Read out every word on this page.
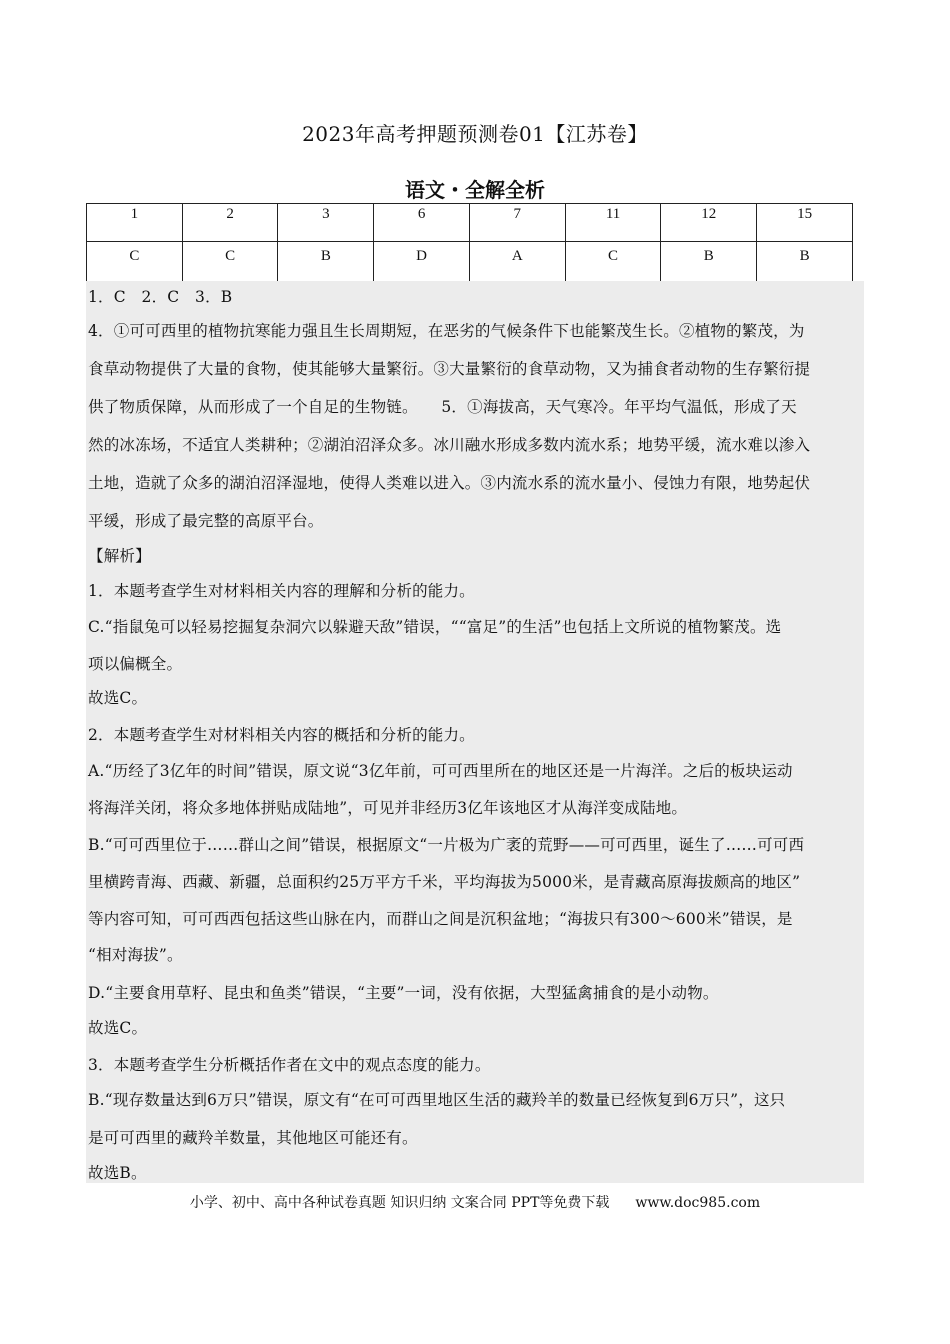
2023年高考押题预测卷01【江苏卷】
语文・全解全析
1	2	3	6	7	11	12	15
C	C	B	D	A	C	B	B
1．C　2．C　3．B
4．①可可西里的植物抗寒能力强且生长周期短，在恶劣的气候条件下也能繁茂生长。②植物的繁茂，为
食草动物提供了大量的食物，使其能够大量繁衍。③大量繁衍的食草动物，又为捕食者动物的生存繁衍提
供了物质保障，从而形成了一个自足的生物链。　　5．①海拔高，天气寒冷。年平均气温低，形成了天
然的冰冻场，不适宜人类耕种；②湖泊沼泽众多。冰川融水形成多数内流水系；地势平缓，流水难以渗入
土地，造就了众多的湖泊沼泽湿地，使得人类难以进入。③内流水系的流水量小、侵蚀力有限，地势起伏
平缓，形成了最完整的高原平台。
【解析】
1．本题考查学生对材料相关内容的理解和分析的能力。
C.“指鼠兔可以轻易挖掘复杂洞穴以躲避天敌”错误，““富足”的生活”也包括上文所说的植物繁茂。选
项以偏概全。
故选C。
2．本题考查学生对材料相关内容的概括和分析的能力。
A.“历经了3亿年的时间”错误，原文说“3亿年前，可可西里所在的地区还是一片海洋。之后的板块运动
将海洋关闭，将众多地体拼贴成陆地”，可见并非经历3亿年该地区才从海洋变成陆地。
B.“可可西里位于……群山之间”错误，根据原文“一片极为广袤的荒野——可可西里，诞生了……可可西
里横跨青海、西藏、新疆，总面积约25万平方千米，平均海拔为5000米，是青藏高原海拔颇高的地区”
等内容可知，可可西西包括这些山脉在内，而群山之间是沉积盆地；“海拔只有300～600米”错误，是
“相对海拔”。
D.“主要食用草籽、昆虫和鱼类”错误，“主要”一词，没有依据，大型猛禽捕食的是小动物。
故选C。
3．本题考查学生分析概括作者在文中的观点态度的能力。
B.“现存数量达到6万只”错误，原文有“在可可西里地区生活的藏羚羊的数量已经恢复到6万只”，这只
是可可西里的藏羚羊数量，其他地区可能还有。
故选B。
小学、初中、高中各种试卷真题 知识归纳 文案合同 PPT等免费下载 www.doc985.com
